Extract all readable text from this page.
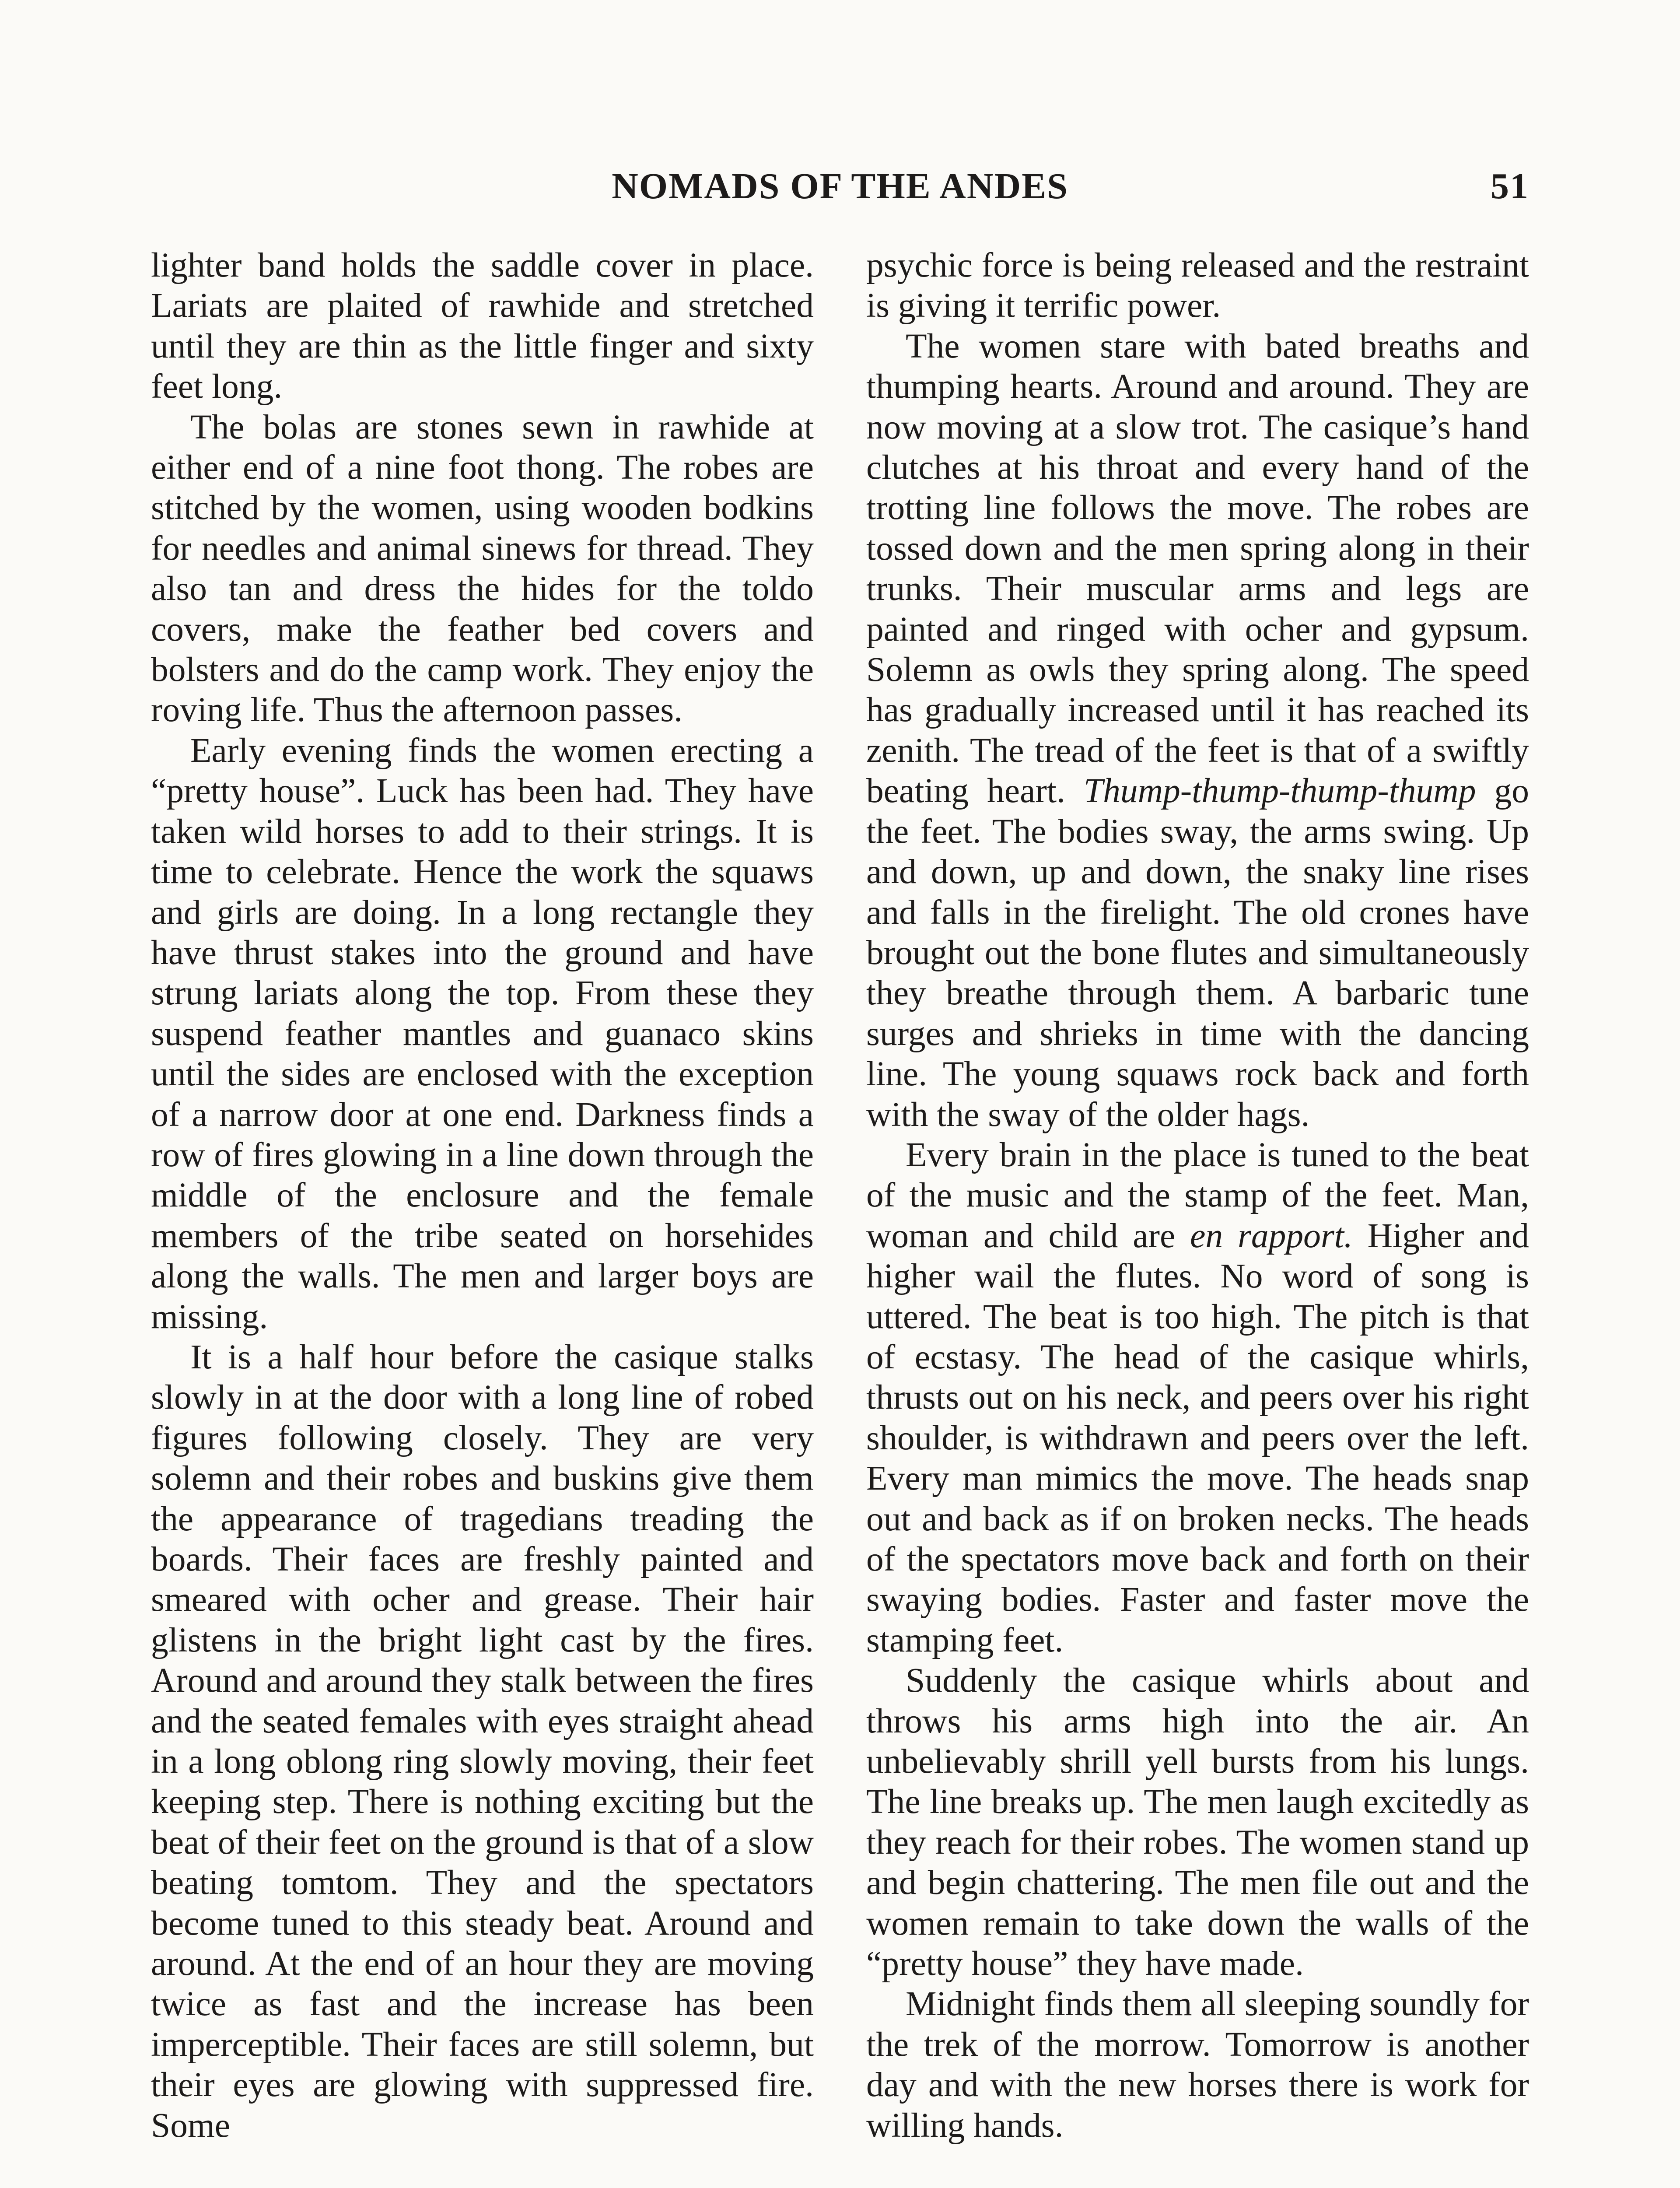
NOMADS OF THE ANDES	51

lighter band holds the saddle cover in place. Lariats are plaited of rawhide and stretched until they are thin as the little finger and sixty feet long.

The bolas are stones sewn in rawhide at either end of a nine foot thong. The robes are stitched by the women, using wooden bodkins for needles and animal sinews for thread. They also tan and dress the hides for the toldo covers, make the feather bed covers and bolsters and do the camp work. They enjoy the roving life. Thus the afternoon passes.

Early evening finds the women erecting a “pretty house”. Luck has been had. They have taken wild horses to add to their strings. It is time to celebrate. Hence the work the squaws and girls are doing. In a long rectangle they have thrust stakes into the ground and have strung lariats along the top. From these they suspend feather mantles and guanaco skins until the sides are enclosed with the exception of a narrow door at one end. Darkness finds a row of fires glowing in a line down through the middle of the enclosure and the female members of the tribe seated on horsehides along the walls. The men and larger boys are missing.

It is a half hour before the casique stalks slowly in at the door with a long line of robed figures following closely. They are very solemn and their robes and buskins give them the appearance of tragedians treading the boards. Their faces are freshly painted and smeared with ocher and grease. Their hair glistens in the bright light cast by the fires. Around and around they stalk between the fires and the seated females with eyes straight ahead in a long oblong ring slowly moving, their feet keeping step. There is nothing exciting but the beat of their feet on the ground is that of a slow beating tomtom. They and the spectators become tuned to this steady beat. Around and around. At the end of an hour they are moving twice as fast and the increase has been imperceptible. Their faces are still solemn, but their eyes are glowing with suppressed fire. Some

psychic force is being released and the restraint is giving it terrific power.

The women stare with bated breaths and thumping hearts. Around and around. They are now moving at a slow trot. The casique’s hand clutches at his throat and every hand of the trotting line follows the move. The robes are tossed down and the men spring along in their trunks. Their muscular arms and legs are painted and ringed with ocher and gypsum. Solemn as owls they spring along. The speed has gradually increased until it has reached its zenith. The tread of the feet is that of a swiftly beating heart. Thump-thump-thump-thump go the feet. The bodies sway, the arms swing. Up and down, up and down, the snaky line rises and falls in the firelight. The old crones have brought out the bone flutes and simultaneously they breathe through them. A barbaric tune surges and shrieks in time with the dancing line. The young squaws rock back and forth with the sway of the older hags.

Every brain in the place is tuned to the beat of the music and the stamp of the feet. Man, woman and child are en rapport. Higher and higher wail the flutes. No word of song is uttered. The beat is too high. The pitch is that of ecstasy. The head of the casique whirls, thrusts out on his neck, and peers over his right shoulder, is withdrawn and peers over the left. Every man mimics the move. The heads snap out and back as if on broken necks. The heads of the spectators move back and forth on their swaying bodies. Faster and faster move the stamping feet.

Suddenly the casique whirls about and throws his arms high into the air. An unbelievably shrill yell bursts from his lungs. The line breaks up. The men laugh excitedly as they reach for their robes. The women stand up and begin chattering. The men file out and the women remain to take down the walls of the “pretty house” they have made.

Midnight finds them all sleeping soundly for the trek of the morrow. Tomorrow is another day and with the new horses there is work for willing hands.
